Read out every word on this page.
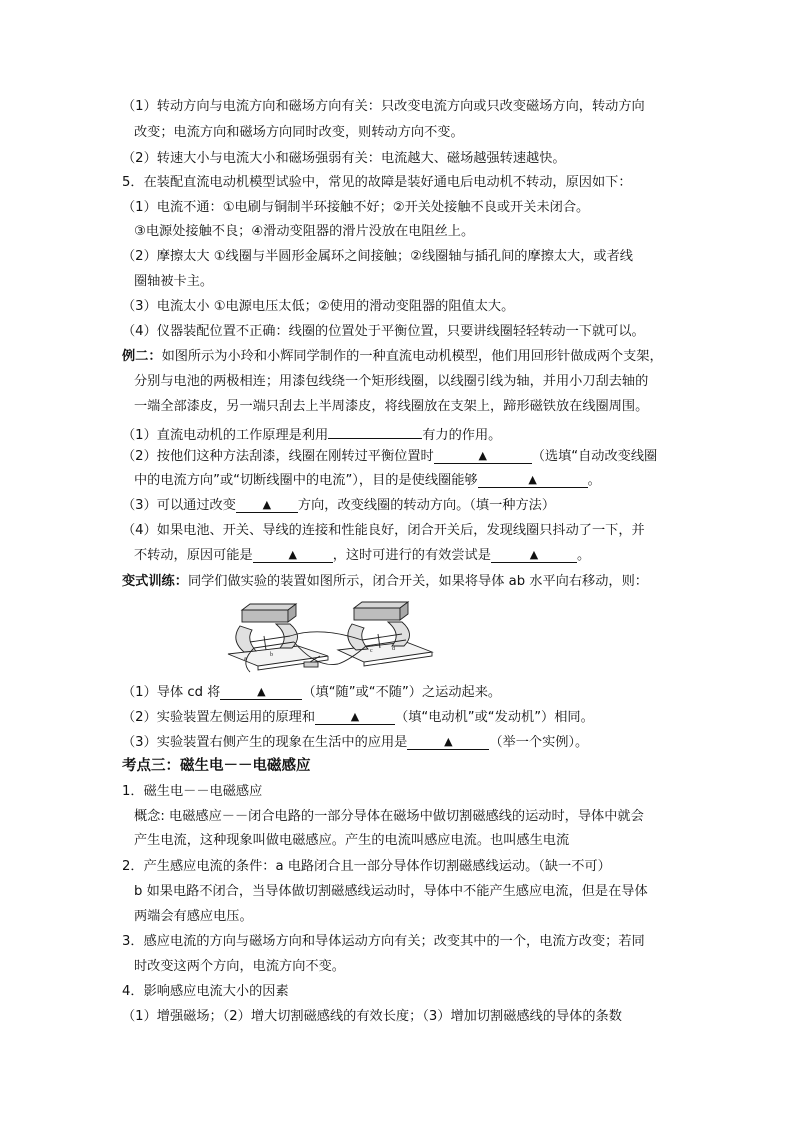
（1）转动方向与电流方向和磁场方向有关：只改变电流方向或只改变磁场方向，转动方向
改变；电流方向和磁场方向同时改变，则转动方向不变。
（2）转速大小与电流大小和磁场强弱有关：电流越大、磁场越强转速越快。
5．在装配直流电动机模型试验中，常见的故障是装好通电后电动机不转动，原因如下：
（1）电流不通：①电刷与铜制半环接触不好；②开关处接触不良或开关未闭合。
③电源处接触不良；④滑动变阻器的滑片没放在电阻丝上。
（2）摩擦太大 ①线圈与半圆形金属环之间接触；②线圈轴与插孔间的摩擦太大，或者线
圈轴被卡主。
（3）电流太小 ①电源电压太低；②使用的滑动变阻器的阻值太大。
（4）仪器装配位置不正确：线圈的位置处于平衡位置，只要讲线圈轻轻转动一下就可以。
例二：如图所示为小玲和小辉同学制作的一种直流电动机模型，他们用回形针做成两个支架，
分别与电池的两极相连；用漆包线绕一个矩形线圈，以线圈引线为轴，并用小刀刮去轴的
一端全部漆皮，另一端只刮去上半周漆皮，将线圈放在支架上，蹄形磁铁放在线圈周围。
（1）直流电动机的工作原理是利用	有力的作用。
（2）按他们这种方法刮漆，线圈在刚转过平衡位置时	▲	（选填“自动改变线圈
中的电流方向”或“切断线圈中的电流”），目的是使线圈能够	▲	。
（3）可以通过改变 ▲ 方向，改变线圈的转动方向。（填一种方法）
（4）如果电池、开关、导线的连接和性能良好，闭合开关后，发现线圈只抖动了一下，并
不转动，原因可能是	▲	，这时可进行的有效尝试是	▲	。
变式训练：同学们做实验的装置如图所示，闭合开关，如果将导体 ab 水平向右移动，则：
a
b
c	d
（1）导体 cd 将	▲	（填“随”或“不随”）之运动起来。
（2）实验装置左侧运用的原理和	▲	（填“电动机”或“发动机”）相同。
（3）实验装置右侧产生的现象在生活中的应用是	▲	（举一个实例）。
考点三：磁生电－－电磁感应
1．磁生电－－电磁感应
概念: 电磁感应－－闭合电路的一部分导体在磁场中做切割磁感线的运动时，导体中就会
产生电流，这种现象叫做电磁感应。产生的电流叫感应电流。也叫感生电流
2．产生感应电流的条件：a 电路闭合且一部分导体作切割磁感线运动。（缺一不可）
b 如果电路不闭合，当导体做切割磁感线运动时，导体中不能产生感应电流，但是在导体
两端会有感应电压。
3．感应电流的方向与磁场方向和导体运动方向有关；改变其中的一个，电流方改变；若同
时改变这两个方向，电流方向不变。
4．影响感应电流大小的因素
（1）增强磁场；（2）增大切割磁感线的有效长度；（3）增加切割磁感线的导体的条数
